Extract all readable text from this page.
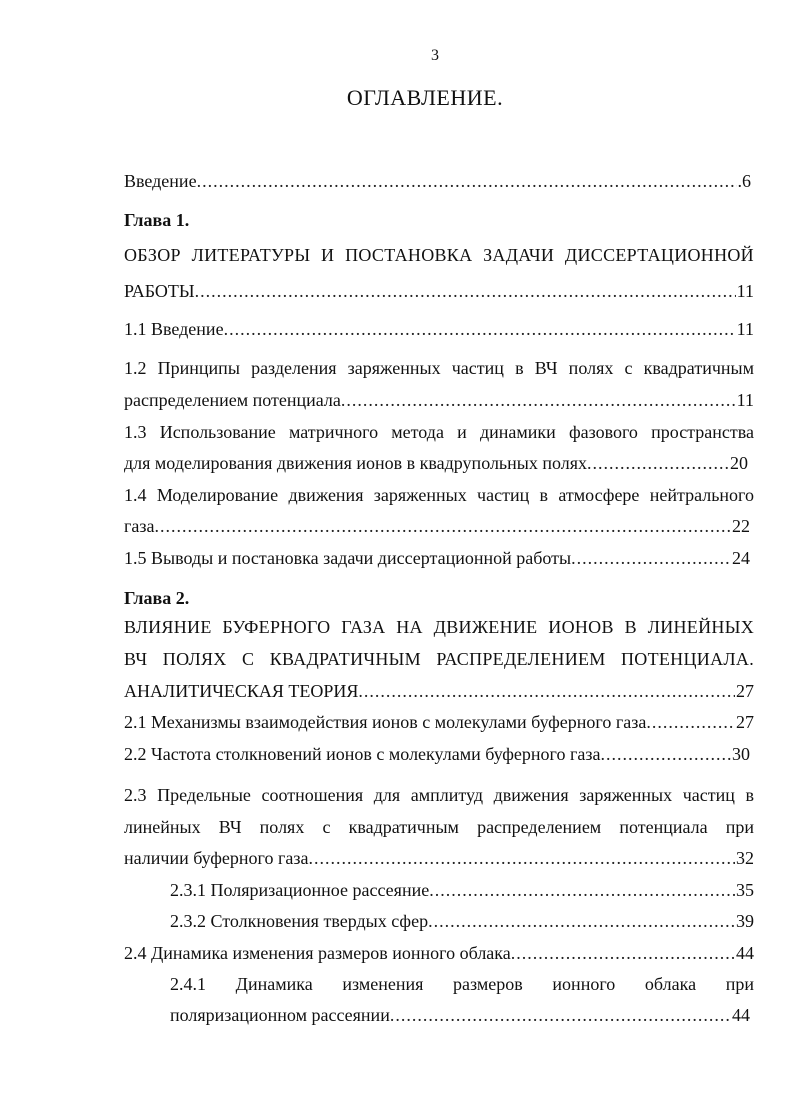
3
ОГЛАВЛЕНИЕ.
Введение .....	.6
Глава 1.
ОБЗОР ЛИТЕРАТУРЫ И ПОСТАНОВКА ЗАДАЧИ ДИССЕРТАЦИОННОЙ
РАБОТЫ .....	11
1.1 Введение .....	11
1.2 Принципы разделения заряженных частиц в ВЧ полях с квадратичным
распределением потенциала .....	11
1.3 Использование матричного метода и динамики фазового пространства
для моделирования движения ионов в квадрупольных полях .....	20
1.4 Моделирование движения заряженных частиц в атмосфере нейтрального
газа .....	22
1.5 Выводы и постановка задачи диссертационной работы .....	24
Глава 2.
ВЛИЯНИЕ БУФЕРНОГО ГАЗА НА ДВИЖЕНИЕ ИОНОВ В ЛИНЕЙНЫХ
ВЧ ПОЛЯХ С КВАДРАТИЧНЫМ РАСПРЕДЕЛЕНИЕМ ПОТЕНЦИАЛА.
АНАЛИТИЧЕСКАЯ ТЕОРИЯ .....	27
2.1 Механизмы взаимодействия ионов с молекулами буферного газа .....	27
2.2 Частота столкновений ионов с молекулами буферного газа .....	30
2.3 Предельные соотношения для амплитуд движения заряженных частиц в
линейных ВЧ полях с квадратичным распределением потенциала при
наличии буферного газа .....	32
2.3.1 Поляризационное рассеяние .....	35
2.3.2 Столкновения твердых сфер .....	39
2.4 Динамика изменения размеров ионного облака .....	44
2.4.1 Динамика изменения размеров ионного облака при
поляризационном рассеянии .....	44
